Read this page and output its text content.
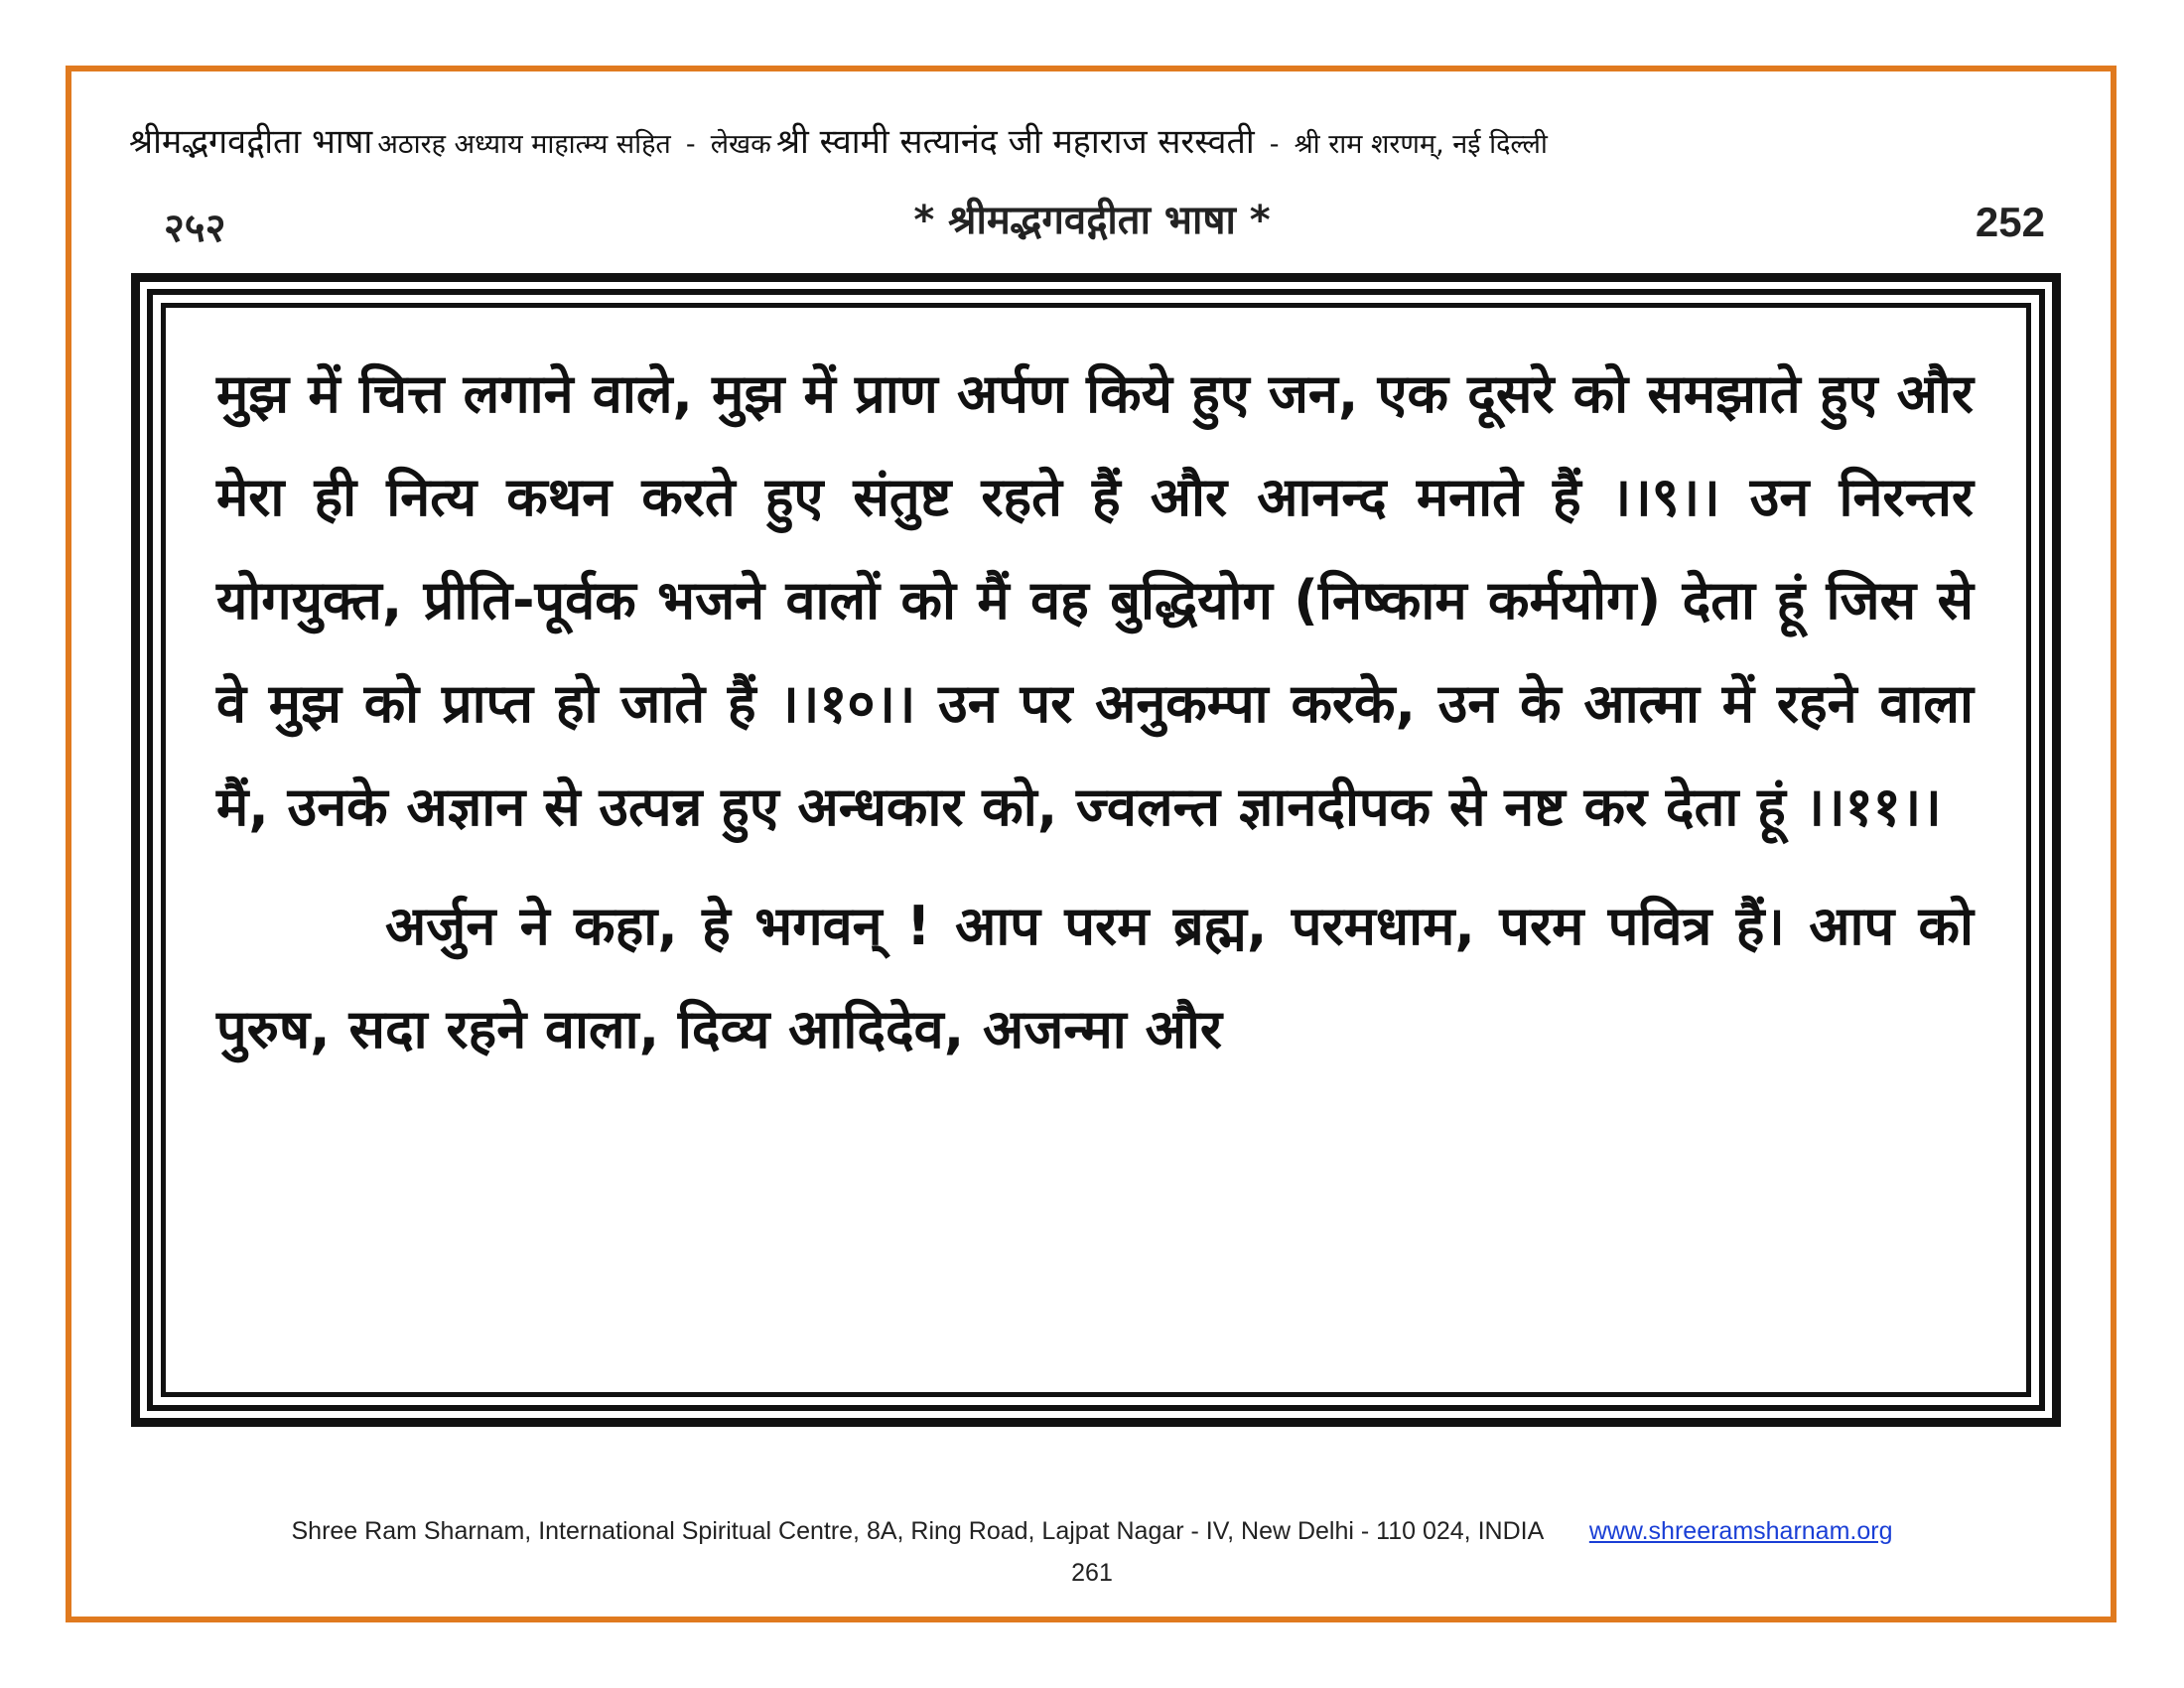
श्रीमद्भगवद्गीता भाषा अठारह अध्याय माहात्म्य सहित - लेखक श्री स्वामी सत्यानंद जी महाराज सरस्वती - श्री राम शरणम्, नई दिल्ली
२५२	* श्रीमद्भगवद्गीता भाषा *	252

मुझ में चित्त लगाने वाले, मुझ में प्राण अर्पण किये हुए जन, एक दूसरे को समझाते हुए और मेरा ही नित्य कथन करते हुए संतुष्ट रहते हैं और आनन्द मनाते हैं ।।९।। उन निरन्तर योगयुक्त, प्रीति-पूर्वक भजने वालों को मैं वह बुद्धियोग (निष्काम कर्मयोग) देता हूं जिस से वे मुझ को प्राप्त हो जाते हैं ।।१०।। उन पर अनुकम्पा करके, उन के आत्मा में रहने वाला मैं, उनके अज्ञान से उत्पन्न हुए अन्धकार को, ज्वलन्त ज्ञानदीपक से नष्ट कर देता हूं ।।११।।

अर्जुन ने कहा, हे भगवन् ! आप परम ब्रह्म, परमधाम, परम पवित्र हैं। आप को पुरुष, सदा रहने वाला, दिव्य आदिदेव, अजन्मा और

Shree Ram Sharnam, International Spiritual Centre, 8A, Ring Road, Lajpat Nagar - IV, New Delhi - 110 024, INDIA www.shreeramsharnam.org
261
